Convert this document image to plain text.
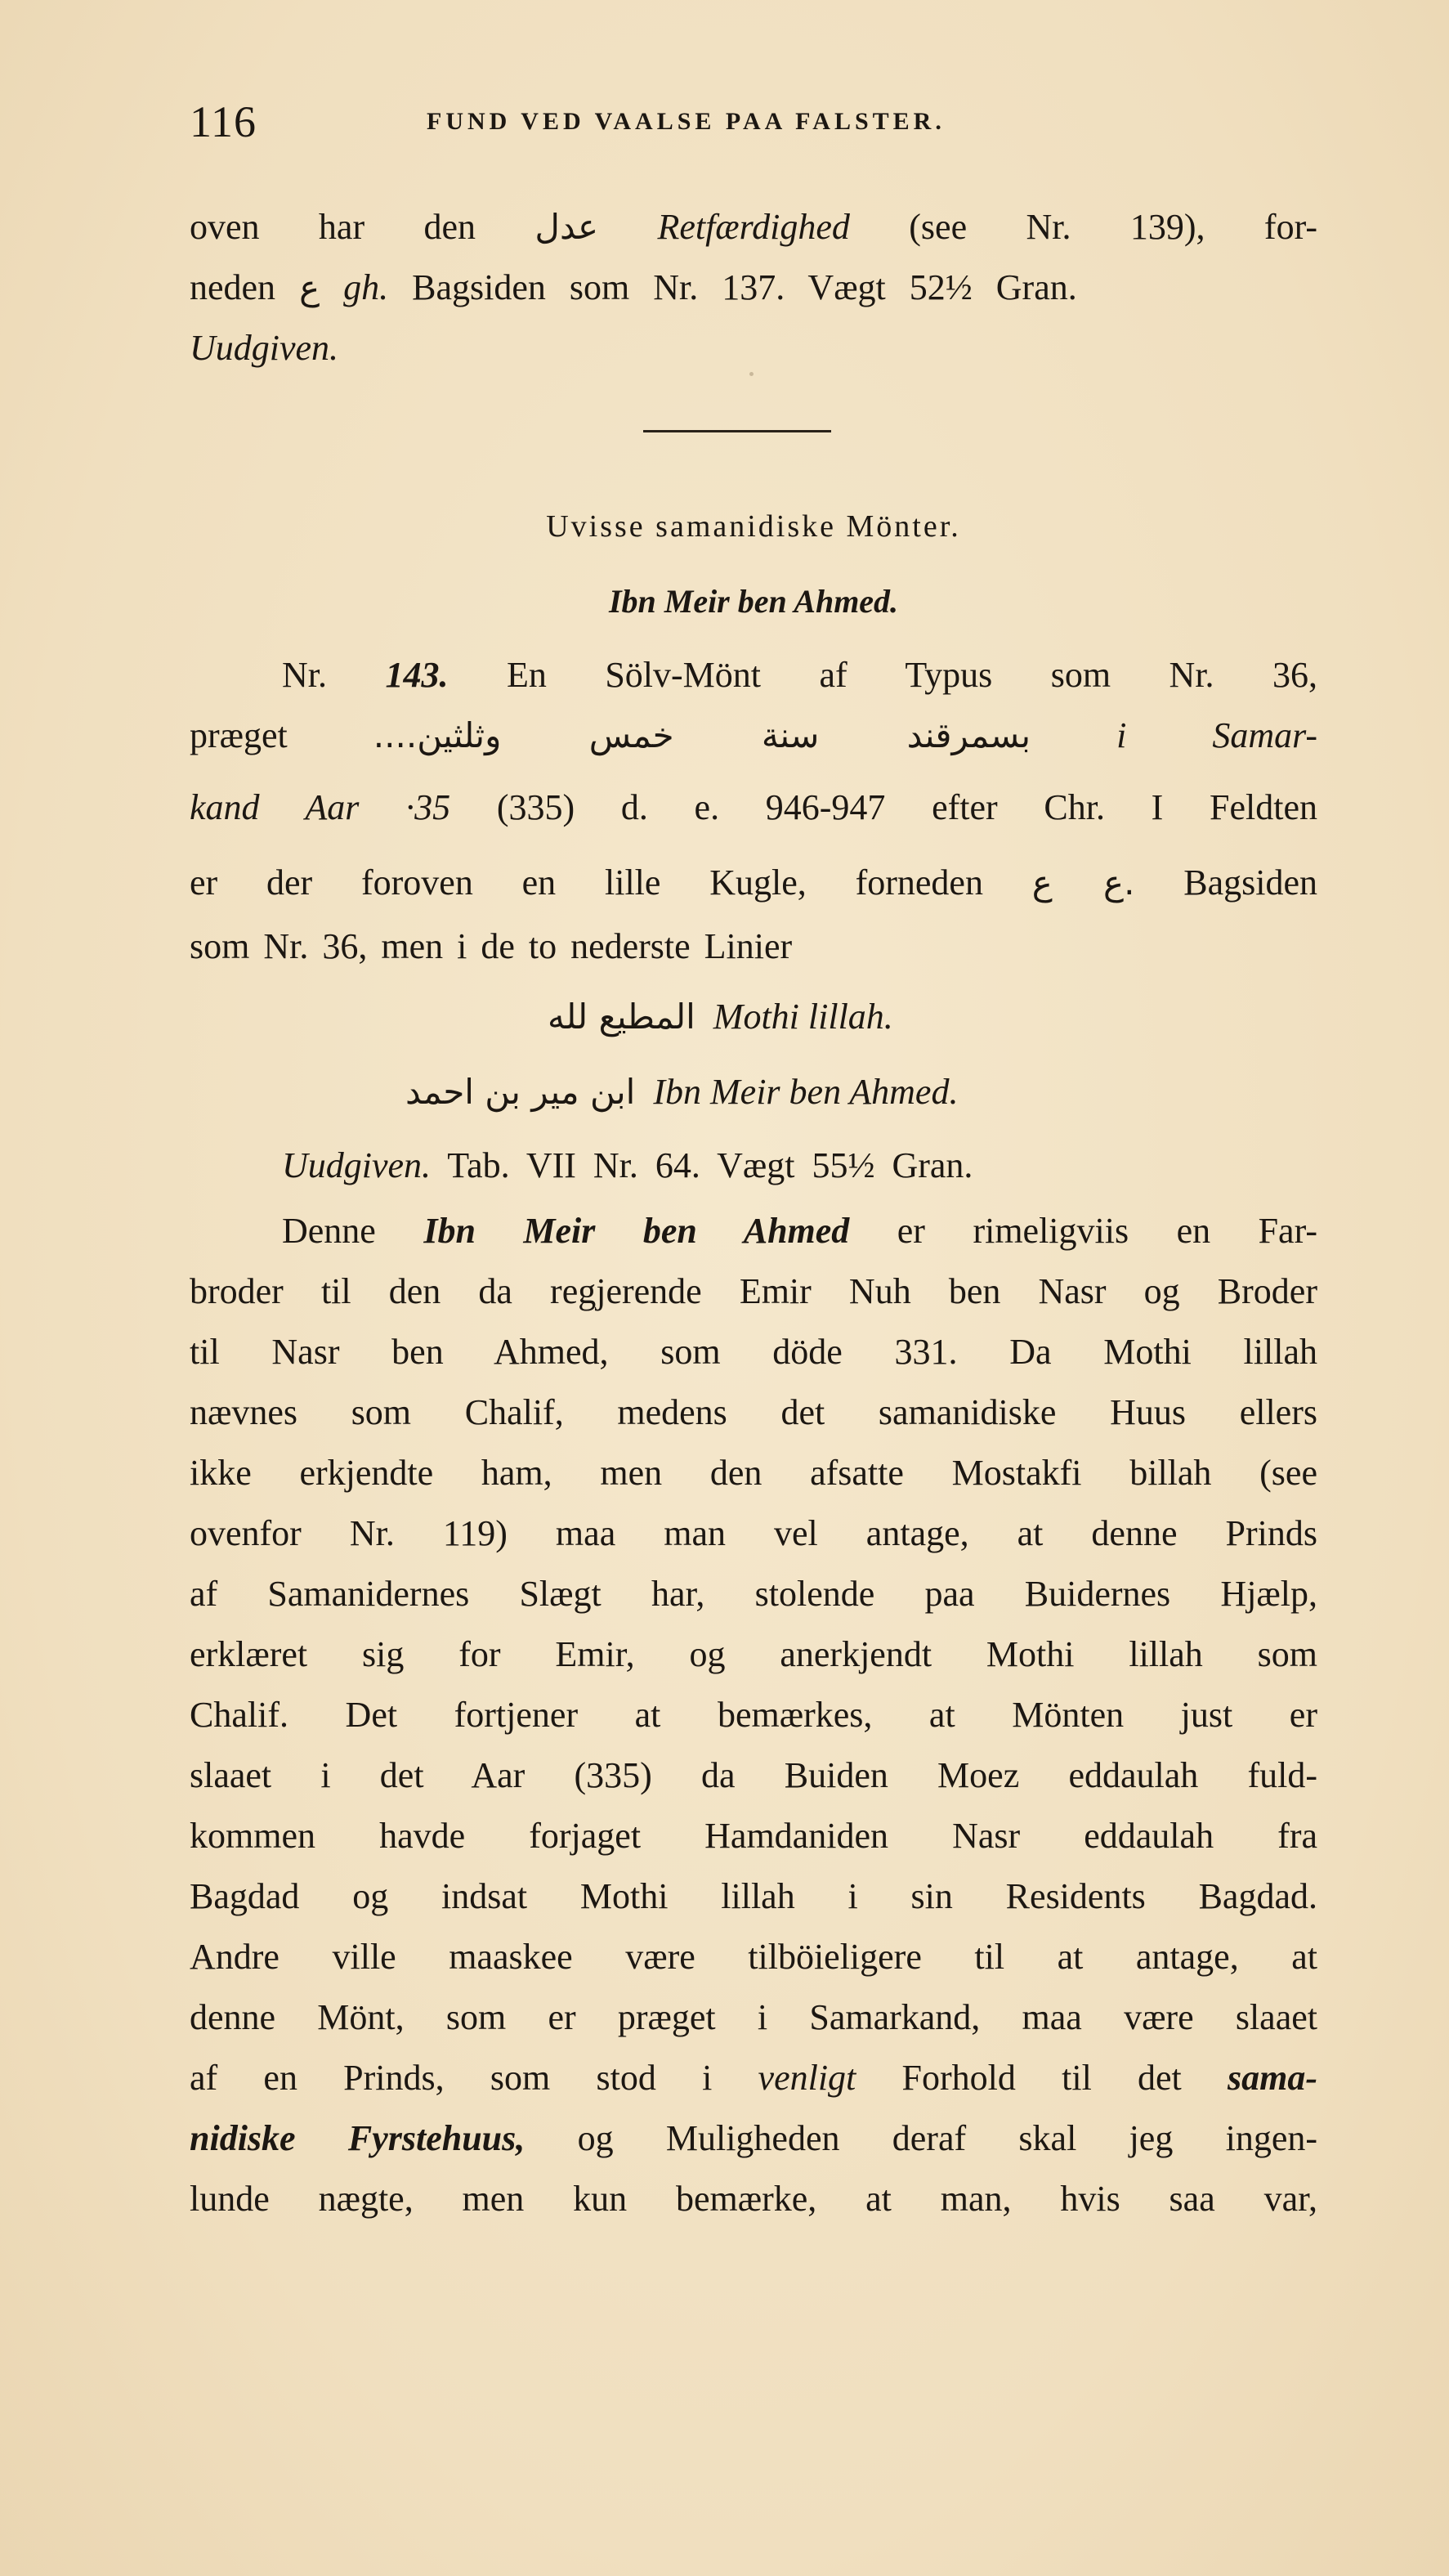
116	FUND VED VAALSE PAA FALSTER.
oven har den عدل Retfærdighed (see Nr. 139), for-
neden ع gh. Bagsiden som Nr. 137. Vægt 52½ Gran.
Uudgiven.
Uvisse samanidiske Mönter.
Ibn Meir ben Ahmed.
Nr. 143. En Sölv-Mönt af Typus som Nr. 36,
præget	....بسمرقند سنة خمس وثلثين i Samar-
kand Aar ·35 (335) d. e. 946-947 efter Chr. I Feldten
er der foroven en lille Kugle, forneden ع ع. Bagsiden
som Nr. 36, men i de to nederste Linier
المطيع لله Mothi lillah.
ابن مير بن احمد Ibn Meir ben Ahmed.
Uudgiven. Tab. VII Nr. 64. Vægt 55½ Gran.
Denne Ibn Meir ben Ahmed er rimeligviis en Far-
broder til den da regjerende Emir Nuh ben Nasr og Broder
til Nasr ben Ahmed, som döde 331. Da Mothi lillah
nævnes som Chalif, medens det samanidiske Huus ellers
ikke erkjendte ham, men den afsatte Mostakfi billah (see
ovenfor Nr. 119) maa man vel antage, at denne Prinds
af Samanidernes Slægt har, stolende paa Buidernes Hjælp,
erklæret sig for Emir, og anerkjendt Mothi lillah som
Chalif. Det fortjener at bemærkes, at Mönten just er
slaaet i det Aar (335) da Buiden Moez eddaulah fuld-
kommen havde forjaget Hamdaniden Nasr eddaulah fra
Bagdad og indsat Mothi lillah i sin Residents Bagdad.
Andre ville maaskee være tilböieligere til at antage, at
denne Mönt, som er præget i Samarkand, maa være slaaet
af en Prinds, som stod i venligt Forhold til det sama-
nidiske Fyrstehuus, og Muligheden deraf skal jeg ingen-
lunde nægte, men kun bemærke, at man, hvis saa var,
